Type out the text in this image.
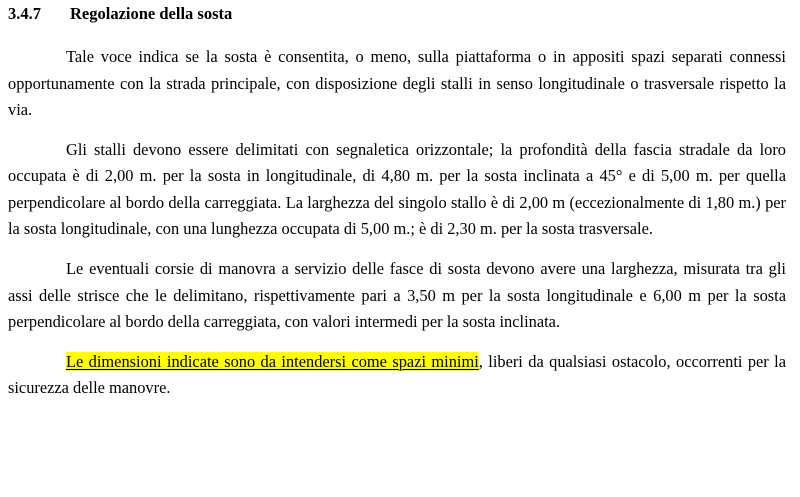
3.4.7	Regolazione della sosta

Tale voce indica se la sosta è consentita, o meno, sulla piattaforma o in appositi spazi separati connessi opportunamente con la strada principale, con disposizione degli stalli in senso longitudinale o trasversale rispetto la via.

Gli stalli devono essere delimitati con segnaletica orizzontale; la profondità della fascia stradale da loro occupata è di 2,00 m. per la sosta in longitudinale, di 4,80 m. per la sosta inclinata a 45° e di 5,00 m. per quella perpendicolare al bordo della carreggiata. La larghezza del singolo stallo è di 2,00 m (eccezionalmente di 1,80 m.) per la sosta longitudinale, con una lunghezza occupata di 5,00 m.; è di 2,30 m. per la sosta trasversale.

Le eventuali corsie di manovra a servizio delle fasce di sosta devono avere una larghezza, misurata tra gli assi delle strisce che le delimitano, rispettivamente pari a 3,50 m per la sosta longitudinale e 6,00 m per la sosta perpendicolare al bordo della carreggiata, con valori intermedi per la sosta inclinata.

Le dimensioni indicate sono da intendersi come spazi minimi, liberi da qualsiasi ostacolo, occorrenti per la sicurezza delle manovre.
